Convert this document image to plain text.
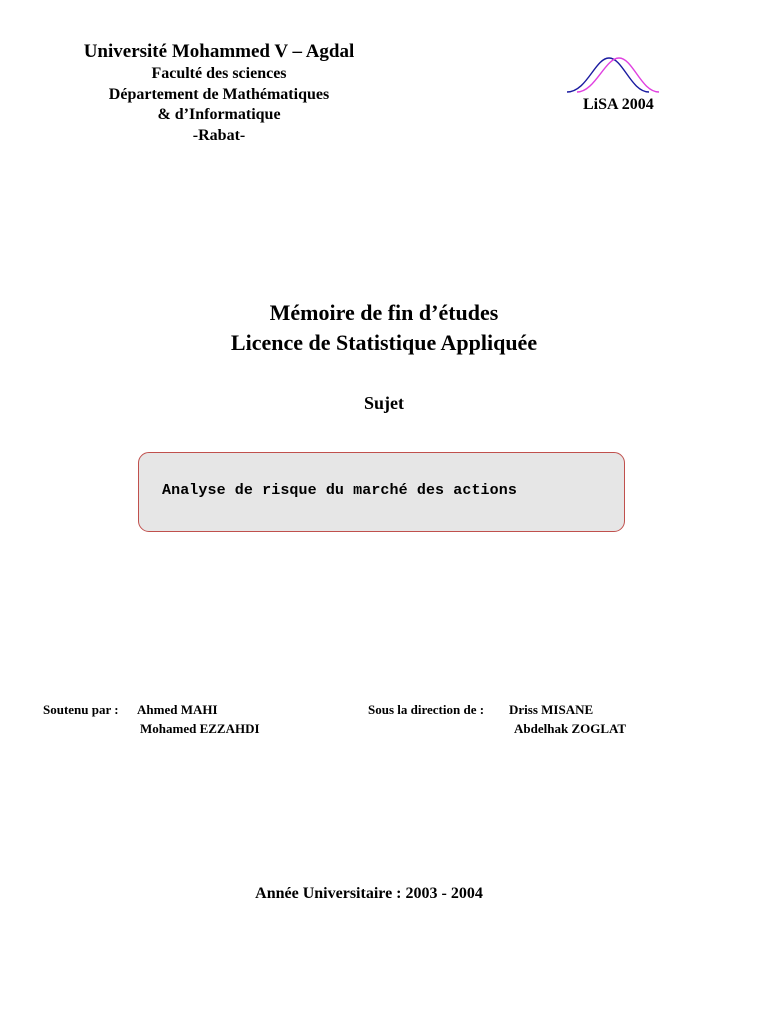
Université Mohammed V – Agdal
Faculté des sciences
Département de Mathématiques
& d’Informatique
-Rabat-
LiSA 2004
Mémoire de fin d’études
Licence de Statistique Appliquée
Sujet
Analyse de risque du marché des actions
Soutenu par : Ahmed MAHI
Mohamed EZZAHDI
Sous la direction de : Driss MISANE
Abdelhak ZOGLAT
Année Universitaire : 2003 - 2004
